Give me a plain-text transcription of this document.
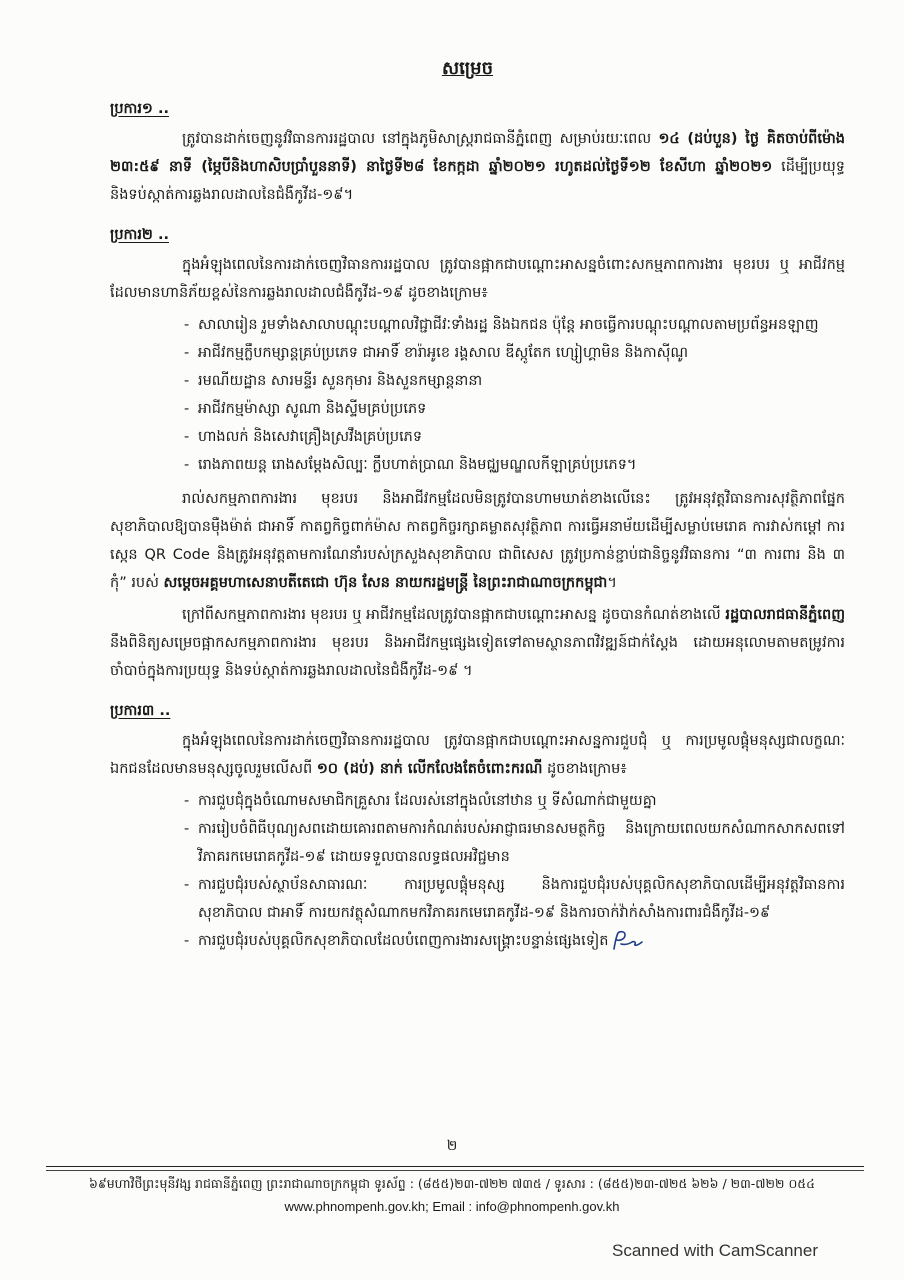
សម្រេច
ប្រការ១ ..

ត្រូវបានដាក់ចេញនូវវិធានការរដ្ឋបាល នៅក្នុងភូមិសាស្ត្ររាជធានីភ្នំពេញ សម្រាប់រយៈពេល ១៤ (ដប់បួន) ថ្ងៃ គិតចាប់ពីម៉ោង ២៣:៥៩ នាទី (ម្ភៃបីនិងហាសិបប្រាំបួននាទី) នាថ្ងៃទី២៨ ខែកក្កដា ឆ្នាំ២០២១ រហូតដល់ថ្ងៃទី១២ ខែសីហា ឆ្នាំ២០២១ ដើម្បីប្រយុទ្ធ និងទប់ស្កាត់ការឆ្លងរាលដាលនៃជំងឺកូវីដ-១៩។

ប្រការ២ ..

ក្នុងអំឡុងពេលនៃការដាក់ចេញវិធានការរដ្ឋបាល ត្រូវបានផ្អាកជាបណ្ដោះអាសន្នចំពោះសកម្មភាពការងារ មុខរបរ ឬ អាជីវកម្មដែលមានហានិភ័យខ្ពស់នៃការឆ្លងរាលដាលជំងឺកូវីដ-១៩ ដូចខាងក្រោម៖

- សាលារៀន រួមទាំងសាលាបណ្ដុះបណ្ដាលវិជ្ជាជីវៈទាំងរដ្ឋ និងឯកជន ប៉ុន្តែ អាចធ្វើការបណ្ដុះបណ្ដាលតាមប្រព័ន្ធអនឡាញ
- អាជីវកម្មក្លឹបកម្សាន្តគ្រប់ប្រភេទ ជាអាទិ៍ ខារ៉ាអូខេ រង្គសាល ឌីស្កូតែក ហ្សៀហ្គាមិន និងកាស៊ីណូ
- រមណីយដ្ឋាន សារមន្ទីរ សួនកុមារ និងសួនកម្សាន្តនានា
- អាជីវកម្មម៉ាស្សា សូណា និងស្ទីមគ្រប់ប្រភេទ
- ហាងលក់ និងសេវាគ្រឿងស្រវឹងគ្រប់ប្រភេទ
- រោងភាពយន្ត រោងសម្ដែងសិល្បៈ ក្លឹបហាត់ប្រាណ និងមជ្ឈមណ្ឌលកីឡាគ្រប់ប្រភេទ។

រាល់សកម្មភាពការងារ មុខរបរ និងអាជីវកម្មដែលមិនត្រូវបានហាមឃាត់ខាងលើនេះ ត្រូវអនុវត្តវិធានការសុវត្ថិភាពផ្នែកសុខាភិបាលឱ្យបានម៉ឺងម៉ាត់ ជាអាទិ៍ កាតព្វកិច្ចពាក់ម៉ាស កាតព្វកិច្ចរក្សាគម្លាតសុវត្ថិភាព ការធ្វើអនាម័យដើម្បីសម្លាប់មេរោគ ការវាស់កម្ដៅ ការស្កេន QR Code និងត្រូវអនុវត្តតាមការណែនាំរបស់ក្រសួងសុខាភិបាល ជាពិសេស ត្រូវប្រកាន់ខ្ជាប់ជានិច្ចនូវវិធានការ “៣ ការពារ និង ៣ កុំ” របស់ សម្ដេចអគ្គមហាសេនាបតីតេជោ ហ៊ុន សែន នាយករដ្ឋមន្ត្រី នៃព្រះរាជាណាចក្រកម្ពុជា។

ក្រៅពីសកម្មភាពការងារ មុខរបរ ឬ អាជីវកម្មដែលត្រូវបានផ្អាកជាបណ្ដោះអាសន្ន ដូចបានកំណត់ខាងលើ រដ្ឋបាលរាជធានីភ្នំពេញ នឹងពិនិត្យសម្រេចផ្អាកសកម្មភាពការងារ មុខរបរ និងអាជីវកម្មផ្សេងទៀតទៅតាមស្ថានភាពវិវឌ្ឍន៍ជាក់ស្ដែង ដោយអនុលោមតាមតម្រូវការចាំបាច់ក្នុងការប្រយុទ្ធ និងទប់ស្កាត់ការឆ្លងរាលដាលនៃជំងឺកូវីដ-១៩ ។

ប្រការ៣ ..

ក្នុងអំឡុងពេលនៃការដាក់ចេញវិធានការរដ្ឋបាល ត្រូវបានផ្អាកជាបណ្ដោះអាសន្នការជួបជុំ ឬ ការប្រមូលផ្ដុំមនុស្សជាលក្ខណៈឯកជនដែលមានមនុស្សចូលរួមលើសពី ១០ (ដប់) នាក់ លើកលែងតែចំពោះករណី ដូចខាងក្រោម៖

- ការជួបជុំក្នុងចំណោមសមាជិកគ្រួសារ ដែលរស់នៅក្នុងលំនៅឋាន ឬ ទីសំណាក់ជាមួយគ្នា
- ការរៀបចំពិធីបុណ្យសពដោយគោរពតាមការកំណត់របស់អាជ្ញាធរមានសមត្ថកិច្ច និងក្រោយពេលយកសំណាកសាកសពទៅវិភាគរកមេរោគកូវីដ-១៩ ដោយទទួលបានលទ្ធផលអវិជ្ជមាន
- ការជួបជុំរបស់ស្ថាប័នសាធារណៈ ការប្រមូលផ្ដុំមនុស្ស និងការជួបជុំរបស់បុគ្គលិកសុខាភិបាលដើម្បីអនុវត្តវិធានការសុខាភិបាល ជាអាទិ៍ ការយកវត្ថុសំណាកមកវិភាគរកមេរោគកូវីដ-១៩ និងការចាក់វ៉ាក់សាំងការពារជំងឺកូវីដ-១៩
- ការជួបជុំរបស់បុគ្គលិកសុខាភិបាលដែលបំពេញការងារសង្គ្រោះបន្ទាន់ផ្សេងទៀត
២
៦៩មហាវិថីព្រះមុនីវង្ស រាជធានីភ្នំពេញ ព្រះរាជាណាចក្រកម្ពុជា ទូរស័ព្ទ : (៨៥៥)២៣-៧២២ ៧៣៥ / ទូរសារ : (៨៥៥)២៣-៧២៥ ៦២៦ / ២៣-៧២២ ០៥៤
www.phnompenh.gov.kh; Email : info@phnompenh.gov.kh
Scanned with CamScanner
